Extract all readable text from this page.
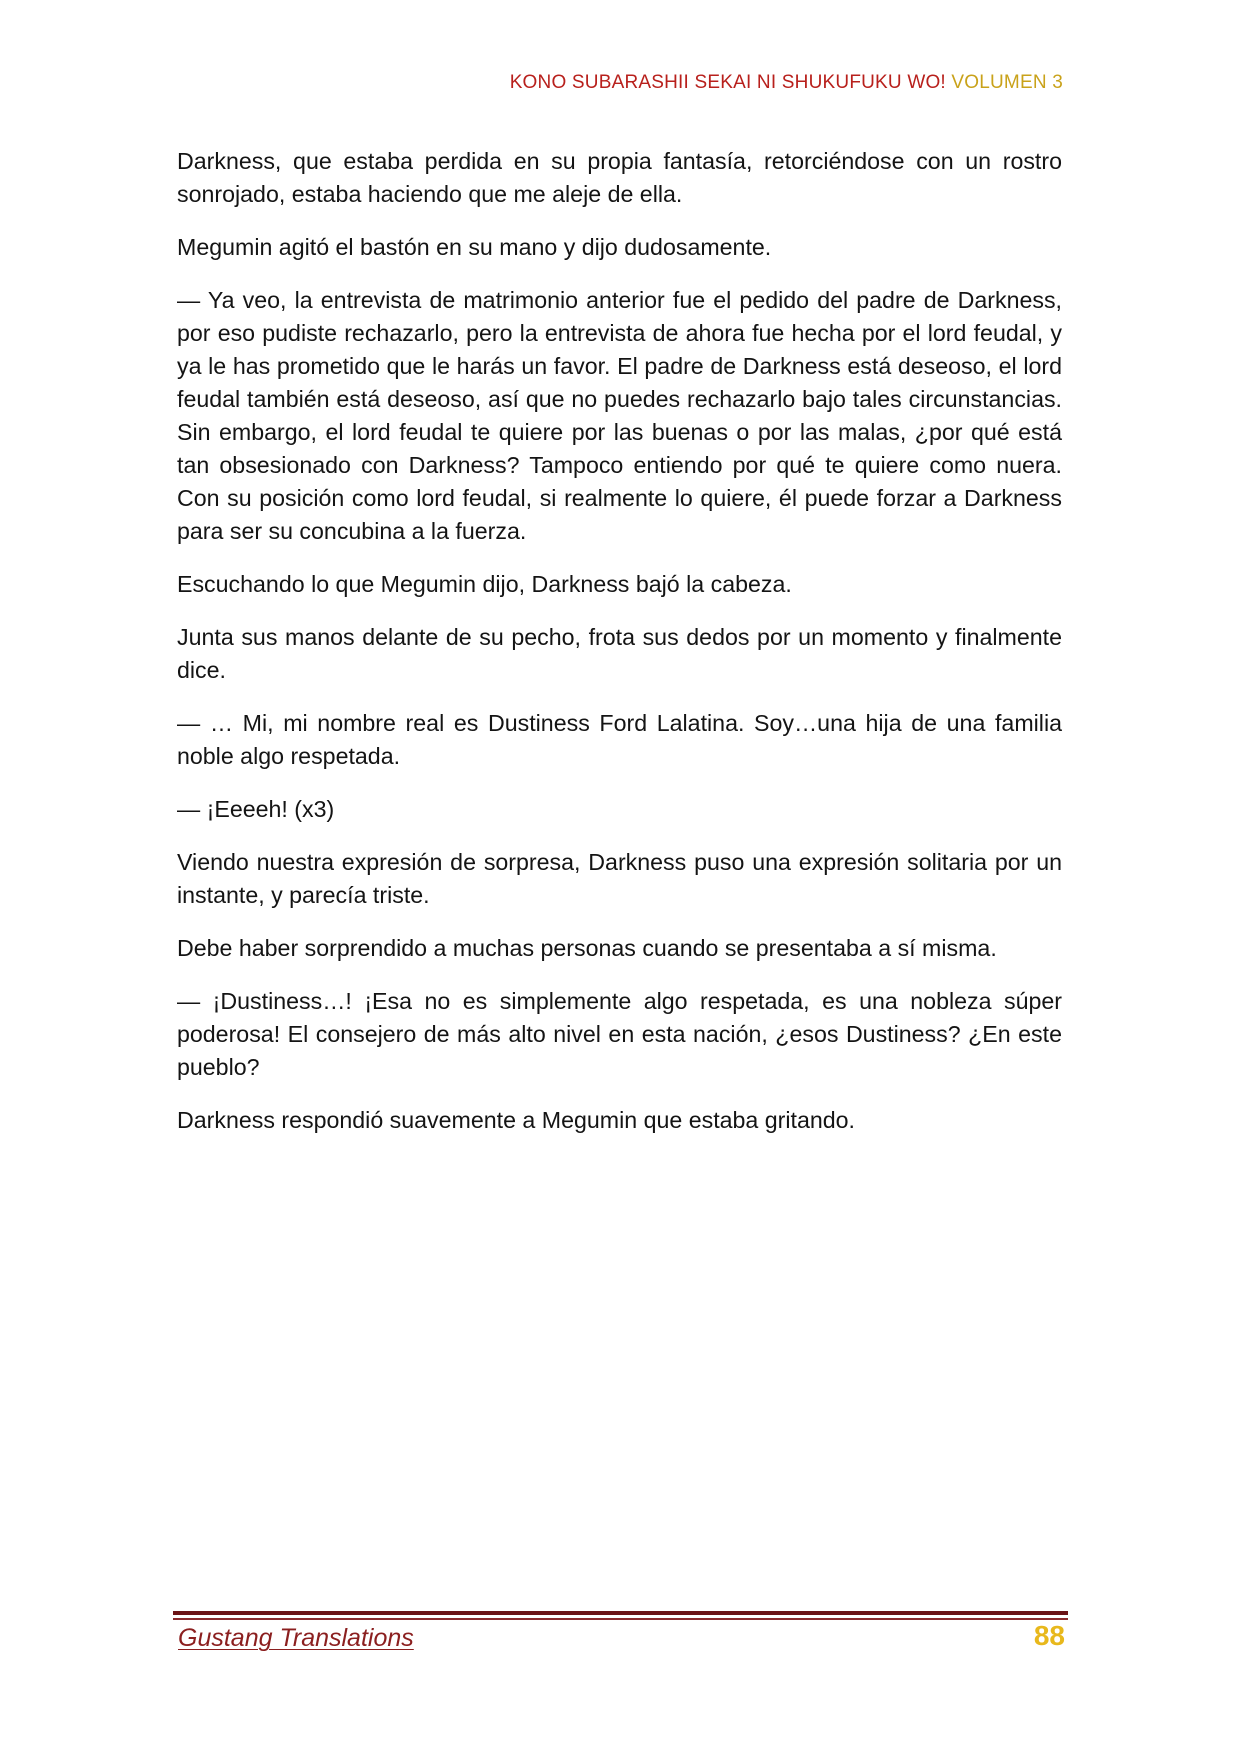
KONO SUBARASHII SEKAI NI SHUKUFUKU WO! VOLUMEN 3

Darkness, que estaba perdida en su propia fantasía, retorciéndose con un rostro sonrojado, estaba haciendo que me aleje de ella.

Megumin agitó el bastón en su mano y dijo dudosamente.

— Ya veo, la entrevista de matrimonio anterior fue el pedido del padre de Darkness, por eso pudiste rechazarlo, pero la entrevista de ahora fue hecha por el lord feudal, y ya le has prometido que le harás un favor. El padre de Darkness está deseoso, el lord feudal también está deseoso, así que no puedes rechazarlo bajo tales circunstancias. Sin embargo, el lord feudal te quiere por las buenas o por las malas, ¿por qué está tan obsesionado con Darkness? Tampoco entiendo por qué te quiere como nuera. Con su posición como lord feudal, si realmente lo quiere, él puede forzar a Darkness para ser su concubina a la fuerza.

Escuchando lo que Megumin dijo, Darkness bajó la cabeza.

Junta sus manos delante de su pecho, frota sus dedos por un momento y finalmente dice.

— … Mi, mi nombre real es Dustiness Ford Lalatina. Soy…una hija de una familia noble algo respetada.

— ¡Eeeeh! (x3)

Viendo nuestra expresión de sorpresa, Darkness puso una expresión solitaria por un instante, y parecía triste.

Debe haber sorprendido a muchas personas cuando se presentaba a sí misma.

— ¡Dustiness…! ¡Esa no es simplemente algo respetada, es una nobleza súper poderosa! El consejero de más alto nivel en esta nación, ¿esos Dustiness? ¿En este pueblo?

Darkness respondió suavemente a Megumin que estaba gritando.

Gustang Translations	88
